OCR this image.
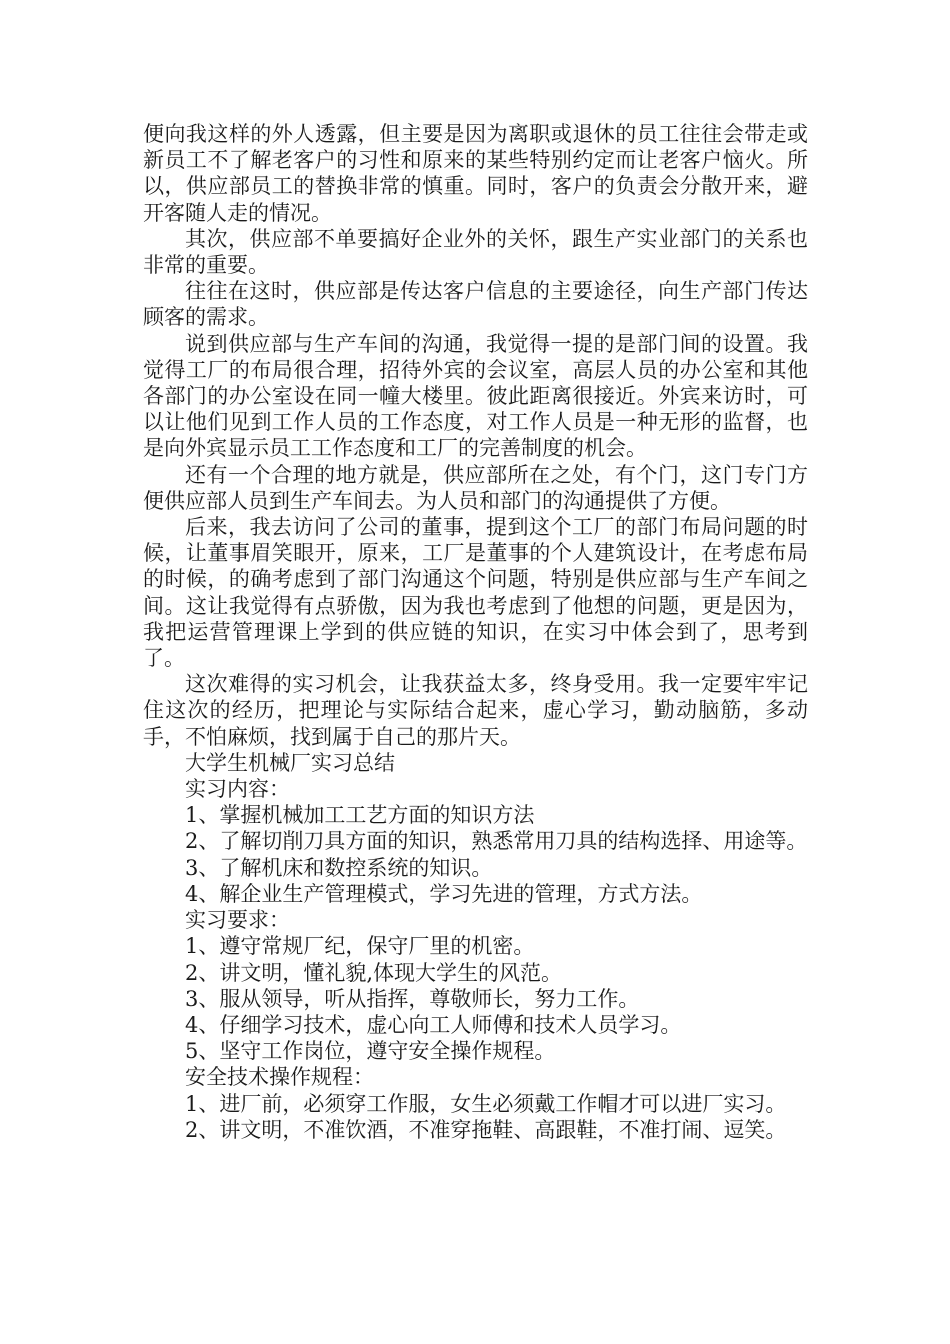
便向我这样的外人透露，但主要是因为离职或退休的员工往往会带走或新员工不了解老客户的习性和原来的某些特别约定而让老客户恼火。所以，供应部员工的替换非常的慎重。同时，客户的负责会分散开来，避开客随人走的情况。

其次，供应部不单要搞好企业外的关怀，跟生产实业部门的关系也非常的重要。

往往在这时，供应部是传达客户信息的主要途径，向生产部门传达顾客的需求。

说到供应部与生产车间的沟通，我觉得一提的是部门间的设置。我觉得工厂的布局很合理，招待外宾的会议室，高层人员的办公室和其他各部门的办公室设在同一幢大楼里。彼此距离很接近。外宾来访时，可以让他们见到工作人员的工作态度，对工作人员是一种无形的监督，也是向外宾显示员工工作态度和工厂的完善制度的机会。

还有一个合理的地方就是，供应部所在之处，有个门，这门专门方便供应部人员到生产车间去。为人员和部门的沟通提供了方便。

后来，我去访问了公司的董事，提到这个工厂的部门布局问题的时候，让董事眉笑眼开，原来，工厂是董事的个人建筑设计，在考虑布局的时候，的确考虑到了部门沟通这个问题，特别是供应部与生产车间之间。这让我觉得有点骄傲，因为我也考虑到了他想的问题，更是因为，我把运营管理课上学到的供应链的知识，在实习中体会到了，思考到了。

这次难得的实习机会，让我获益太多，终身受用。我一定要牢牢记住这次的经历，把理论与实际结合起来，虚心学习，勤动脑筋，多动手，不怕麻烦，找到属于自己的那片天。

大学生机械厂实习总结

实习内容：

1、掌握机械加工工艺方面的知识方法

2、了解切削刀具方面的知识，熟悉常用刀具的结构选择、用途等。

3、了解机床和数控系统的知识。

4、解企业生产管理模式，学习先进的管理，方式方法。

实习要求：

1、遵守常规厂纪，保守厂里的机密。

2、讲文明，懂礼貌,体现大学生的风范。

3、服从领导，听从指挥，尊敬师长，努力工作。

4、仔细学习技术，虚心向工人师傅和技术人员学习。

5、坚守工作岗位，遵守安全操作规程。

安全技术操作规程：

1、进厂前，必须穿工作服，女生必须戴工作帽才可以进厂实习。

2、讲文明，不准饮酒，不准穿拖鞋、高跟鞋，不准打闹、逗笑。
